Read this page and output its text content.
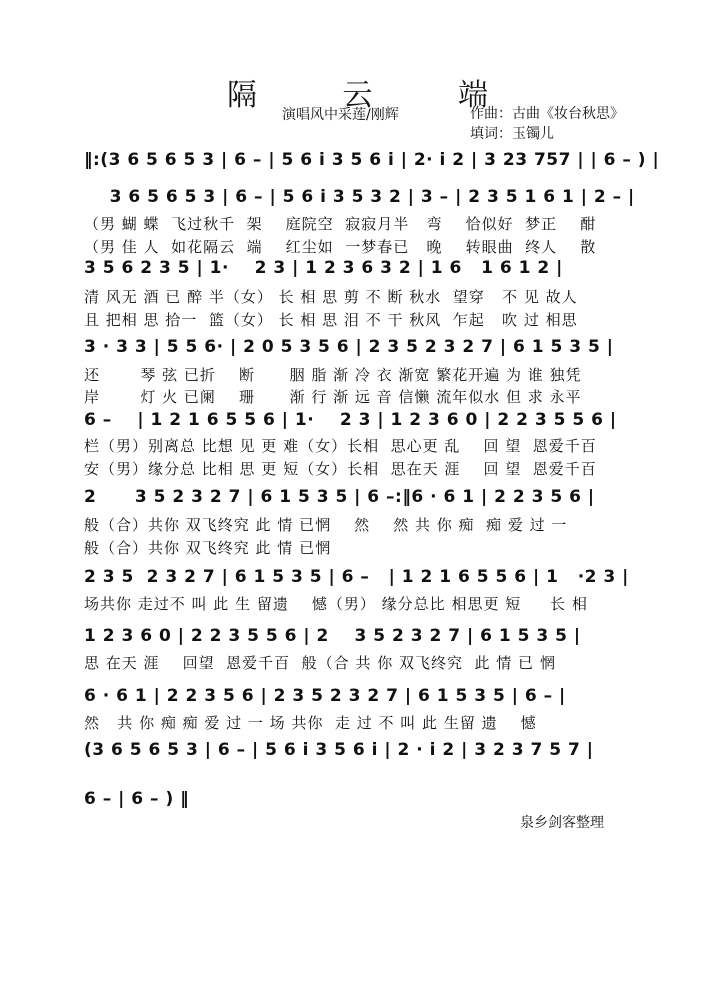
隔	云	端
演唱风中采莲/刚辉	作曲：古曲《妆台秋思》
填词：玉镯儿
‖:(3 6 5 6 5 3 | 6 – | 5 6 i 3 5 6 i | 2· i 2 | 3 23 757 | | 6 – ) |
3 6 5 6 5 3 | 6 – | 5 6 i 3 5 3 2 | 3 – | 2 3 5 1 6 1 | 2 – |
（男 蝴 蝶  飞过秋千  架    庭院空  寂寂月半   弯    恰似好  梦正    酣
（男 佳 人  如花隔云  端    红尘如  一梦春已   晚    转眼曲  终人    散
3 5 6 2 3 5 | 1·    2 3 | 1 2 3 6 3 2 | 1 6   1 6 1 2 |
清 风无 酒 已 醉 半（女） 长 相 思 剪 不 断 秋水  望穿   不 见 故人
且 把相 思 拾一  篮（女） 长 相 思 泪 不 干 秋风  乍起   吹 过 相思
3 · 3 3 | 5 5 6· | 2 0 5 3 5 6 | 2 3 5 2 3 2 7 | 6 1 5 3 5 |
还       琴 弦 已折    断      胭 脂 渐 冷 衣 渐宽 繁花开遍 为 谁 独凭
岸       灯 火 已阑    珊      渐 行 渐 远 音 信懒 流年似水 但 求 永平
6 –    | 1 2 1 6 5 5 6 | 1·    2 3 | 1 2 3 6 0 | 2 2 3 5 5 6 |
栏（男）别离总 比想 见 更 难（女）长相  思心更 乱    回 望  恩爱千百
安（男）缘分总 比相 思 更 短（女）长相  思在天 涯    回 望  恩爱千百
2      3 5 2 3 2 7 | 6 1 5 3 5 | 6 –:‖6 · 6 1 | 2 2 3 5 6 |
般（合）共你 双飞终究 此 情 已惘    然    然 共 你 痴  痴 爱 过 一
般（合）共你 双飞终究 此 情 已惘
2 3 5  2 3 2 7 | 6 1 5 3 5 | 6 –   | 1 2 1 6 5 5 6 | 1   ·2 3 |
场共你 走过不 叫 此 生 留遗    憾（男） 缘分总比 相思更 短     长 相
1 2 3 6 0 | 2 2 3 5 5 6 | 2    3 5 2 3 2 7 | 6 1 5 3 5 |
思 在天 涯    回望  恩爱千百  般（合 共 你 双飞终究  此 情 已 惘
6 · 6 1 | 2 2 3 5 6 | 2 3 5 2 3 2 7 | 6 1 5 3 5 | 6 – |
然   共 你 痴 痴 爱 过 一 场 共你  走 过 不 叫 此 生留 遗    憾
(3 6 5 6 5 3 | 6 – | 5 6 i 3 5 6 i | 2 · i 2 | 3 2 3 7 5 7 |
6 – | 6 – ) ‖
泉乡剑客整理
